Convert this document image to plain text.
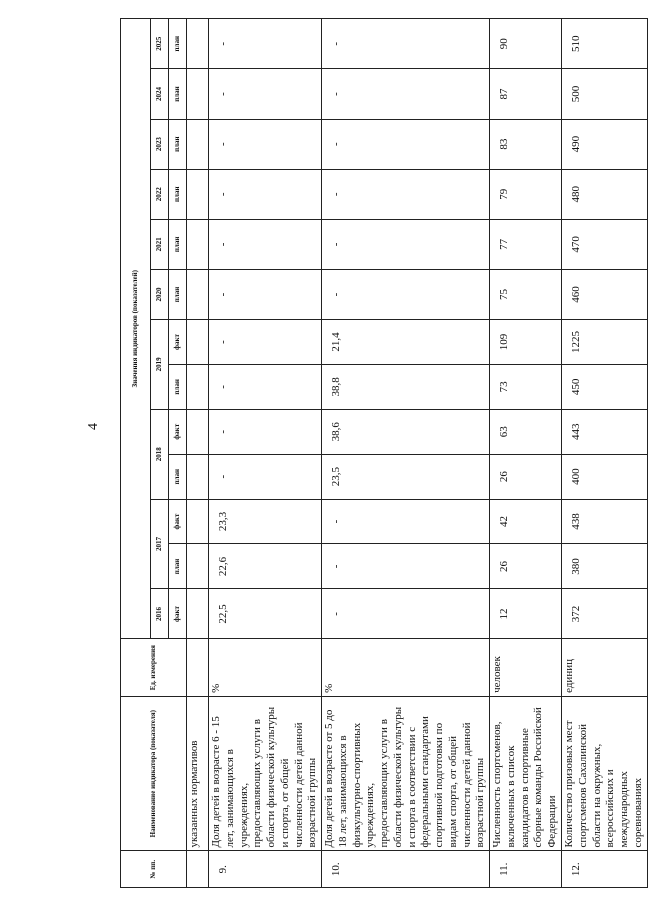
4
№ пп.	Наименование индикатора (показателя)	Ед. измерения	Значения индикаторов (показателей)												
			2016	2017		2018		2019		2020	2021	2022	2023	2024	2025
			факт	план	факт	план	факт	план	факт	план	план	план	план	план	план
	указанных нормативов														
9.	Доля детей в возрасте 6 - 15 лет, занимающихся в учреждениях, предоставляющих услуги в области физической культуры и спорта, от общей численности детей данной возрастной группы	%	22,5	22,6	23,3	-	-	-	-	-	-	-	-	-	-
10.	Доля детей в возрасте от 5 до 18 лет, занимающихся в физкультурно-спортивных учреждениях, предоставляющих услуги в области физической культуры и спорта в соответствии с федеральными стандартами спортивной подготовки по видам спорта, от общей численности детей данной возрастной группы	%	-	-	-	23,5	38,6	38,8	21,4	-	-	-	-	-	-
11.	Численность спортсменов, включенных в список кандидатов в спортивные сборные команды Российской Федерации	человек	12	26	42	26	63	73	109	75	77	79	83	87	90
12.	Количество призовых мест спортсменов Сахалинской области на окружных, всероссийских и международных соревнованиях	единиц	372	380	438	400	443	450	1225	460	470	480	490	500	510
